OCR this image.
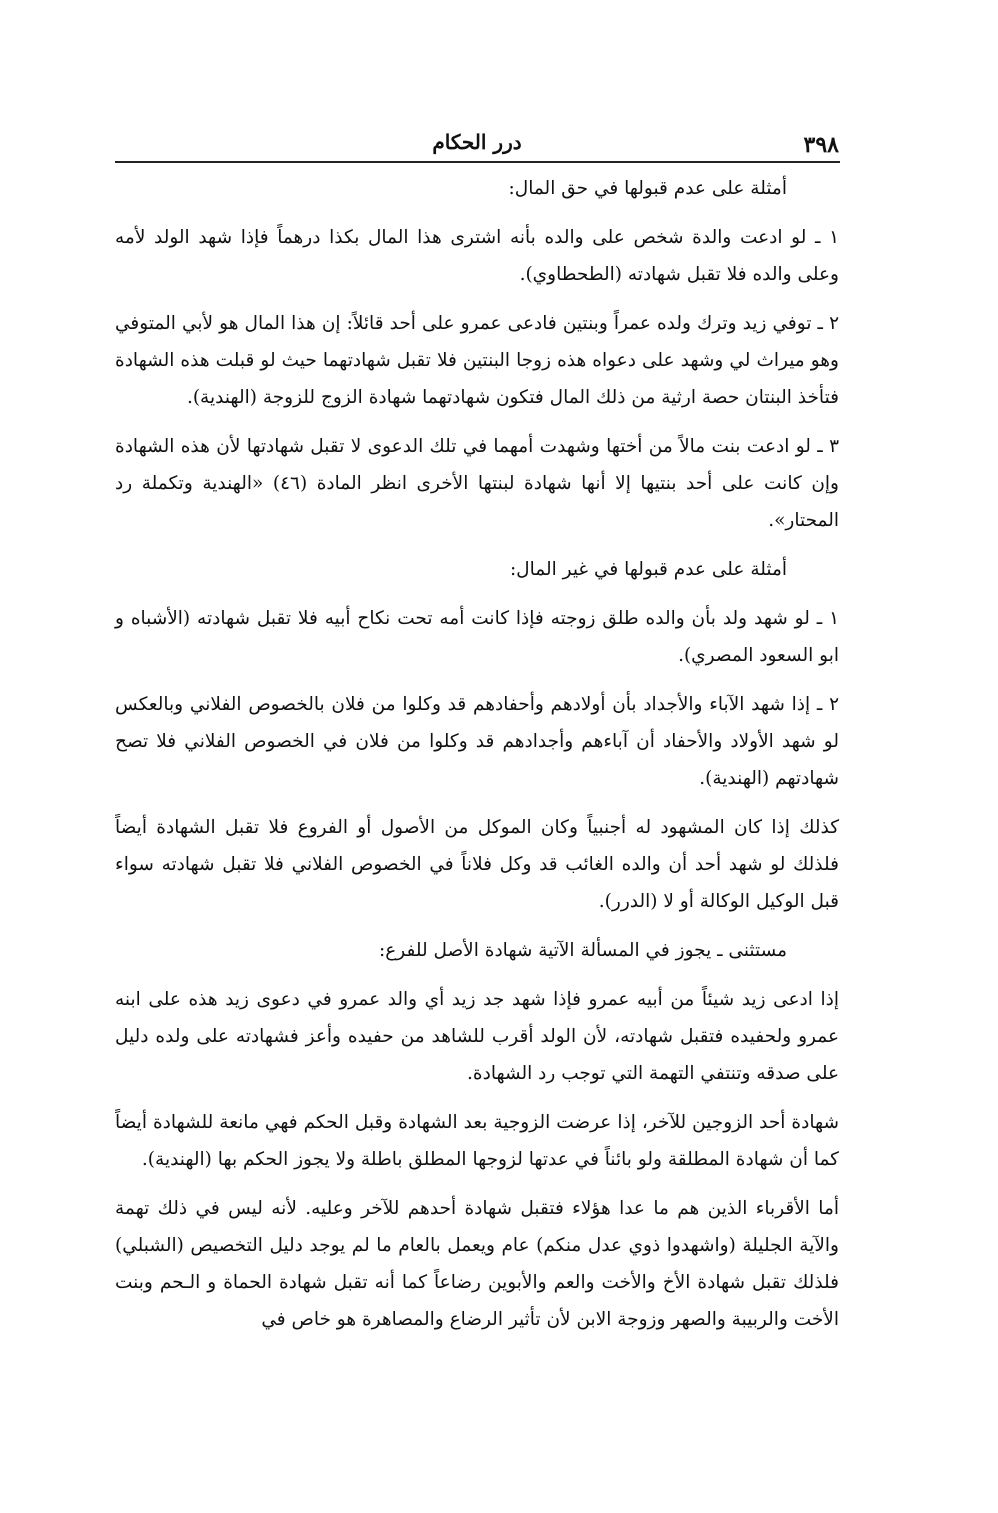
٣٩٨
درر الحكام

أمثلة على عدم قبولها في حق المال:

١ ـ لو ادعت والدة شخص على والده بأنه اشترى هذا المال بكذا درهماً فإذا شهد الولد لأمه وعلى والده فلا تقبل شهادته (الطحطاوي).

٢ ـ توفي زيد وترك ولده عمراً وبنتين فادعى عمرو على أحد قائلاً: إن هذا المال هو لأبي المتوفي وهو ميراث لي وشهد على دعواه هذه زوجا البنتين فلا تقبل شهادتهما حيث لو قبلت هذه الشهادة فتأخذ البنتان حصة ارثية من ذلك المال فتكون شهادتهما شهادة الزوج للزوجة (الهندية).

٣ ـ لو ادعت بنت مالاً من أختها وشهدت أمهما في تلك الدعوى لا تقبل شهادتها لأن هذه الشهادة وإن كانت على أحد بنتيها إلا أنها شهادة لبنتها الأخرى انظر المادة (٤٦) «الهندية وتكملة رد المحتار».

أمثلة على عدم قبولها في غير المال:

١ ـ لو شهد ولد بأن والده طلق زوجته فإذا كانت أمه تحت نكاح أبيه فلا تقبل شهادته (الأشباه و ابو السعود المصري).

٢ ـ إذا شهد الآباء والأجداد بأن أولادهم وأحفادهم قد وكلوا من فلان بالخصوص الفلاني وبالعكس لو شهد الأولاد والأحفاد أن آباءهم وأجدادهم قد وكلوا من فلان في الخصوص الفلاني فلا تصح شهادتهم (الهندية).

كذلك إذا كان المشهود له أجنبياً وكان الموكل من الأصول أو الفروع فلا تقبل الشهادة أيضاً فلذلك لو شهد أحد أن والده الغائب قد وكل فلاناً في الخصوص الفلاني فلا تقبل شهادته سواء قبل الوكيل الوكالة أو لا (الدرر).

مستثنى ـ يجوز في المسألة الآتية شهادة الأصل للفرع:

إذا ادعى زيد شيئاً من أبيه عمرو فإذا شهد جد زيد أي والد عمرو في دعوى زيد هذه على ابنه عمرو ولحفيده فتقبل شهادته، لأن الولد أقرب للشاهد من حفيده وأعز فشهادته على ولده دليل على صدقه وتنتفي التهمة التي توجب رد الشهادة.

شهادة أحد الزوجين للآخر، إذا عرضت الزوجية بعد الشهادة وقبل الحكم فهي مانعة للشهادة أيضاً كما أن شهادة المطلقة ولو بائناً في عدتها لزوجها المطلق باطلة ولا يجوز الحكم بها (الهندية).

أما الأقرباء الذين هم ما عدا هؤلاء فتقبل شهادة أحدهم للآخر وعليه. لأنه ليس في ذلك تهمة والآية الجليلة (واشهدوا ذوي عدل منكم) عام ويعمل بالعام ما لم يوجد دليل التخصيص (الشبلي) فلذلك تقبل شهادة الأخ والأخت والعم والأبوين رضاعاً كما أنه تقبل شهادة الحماة و الـحم وبنت الأخت والربيبة والصهر وزوجة الابن لأن تأثير الرضاع والمصاهرة هو خاص في
